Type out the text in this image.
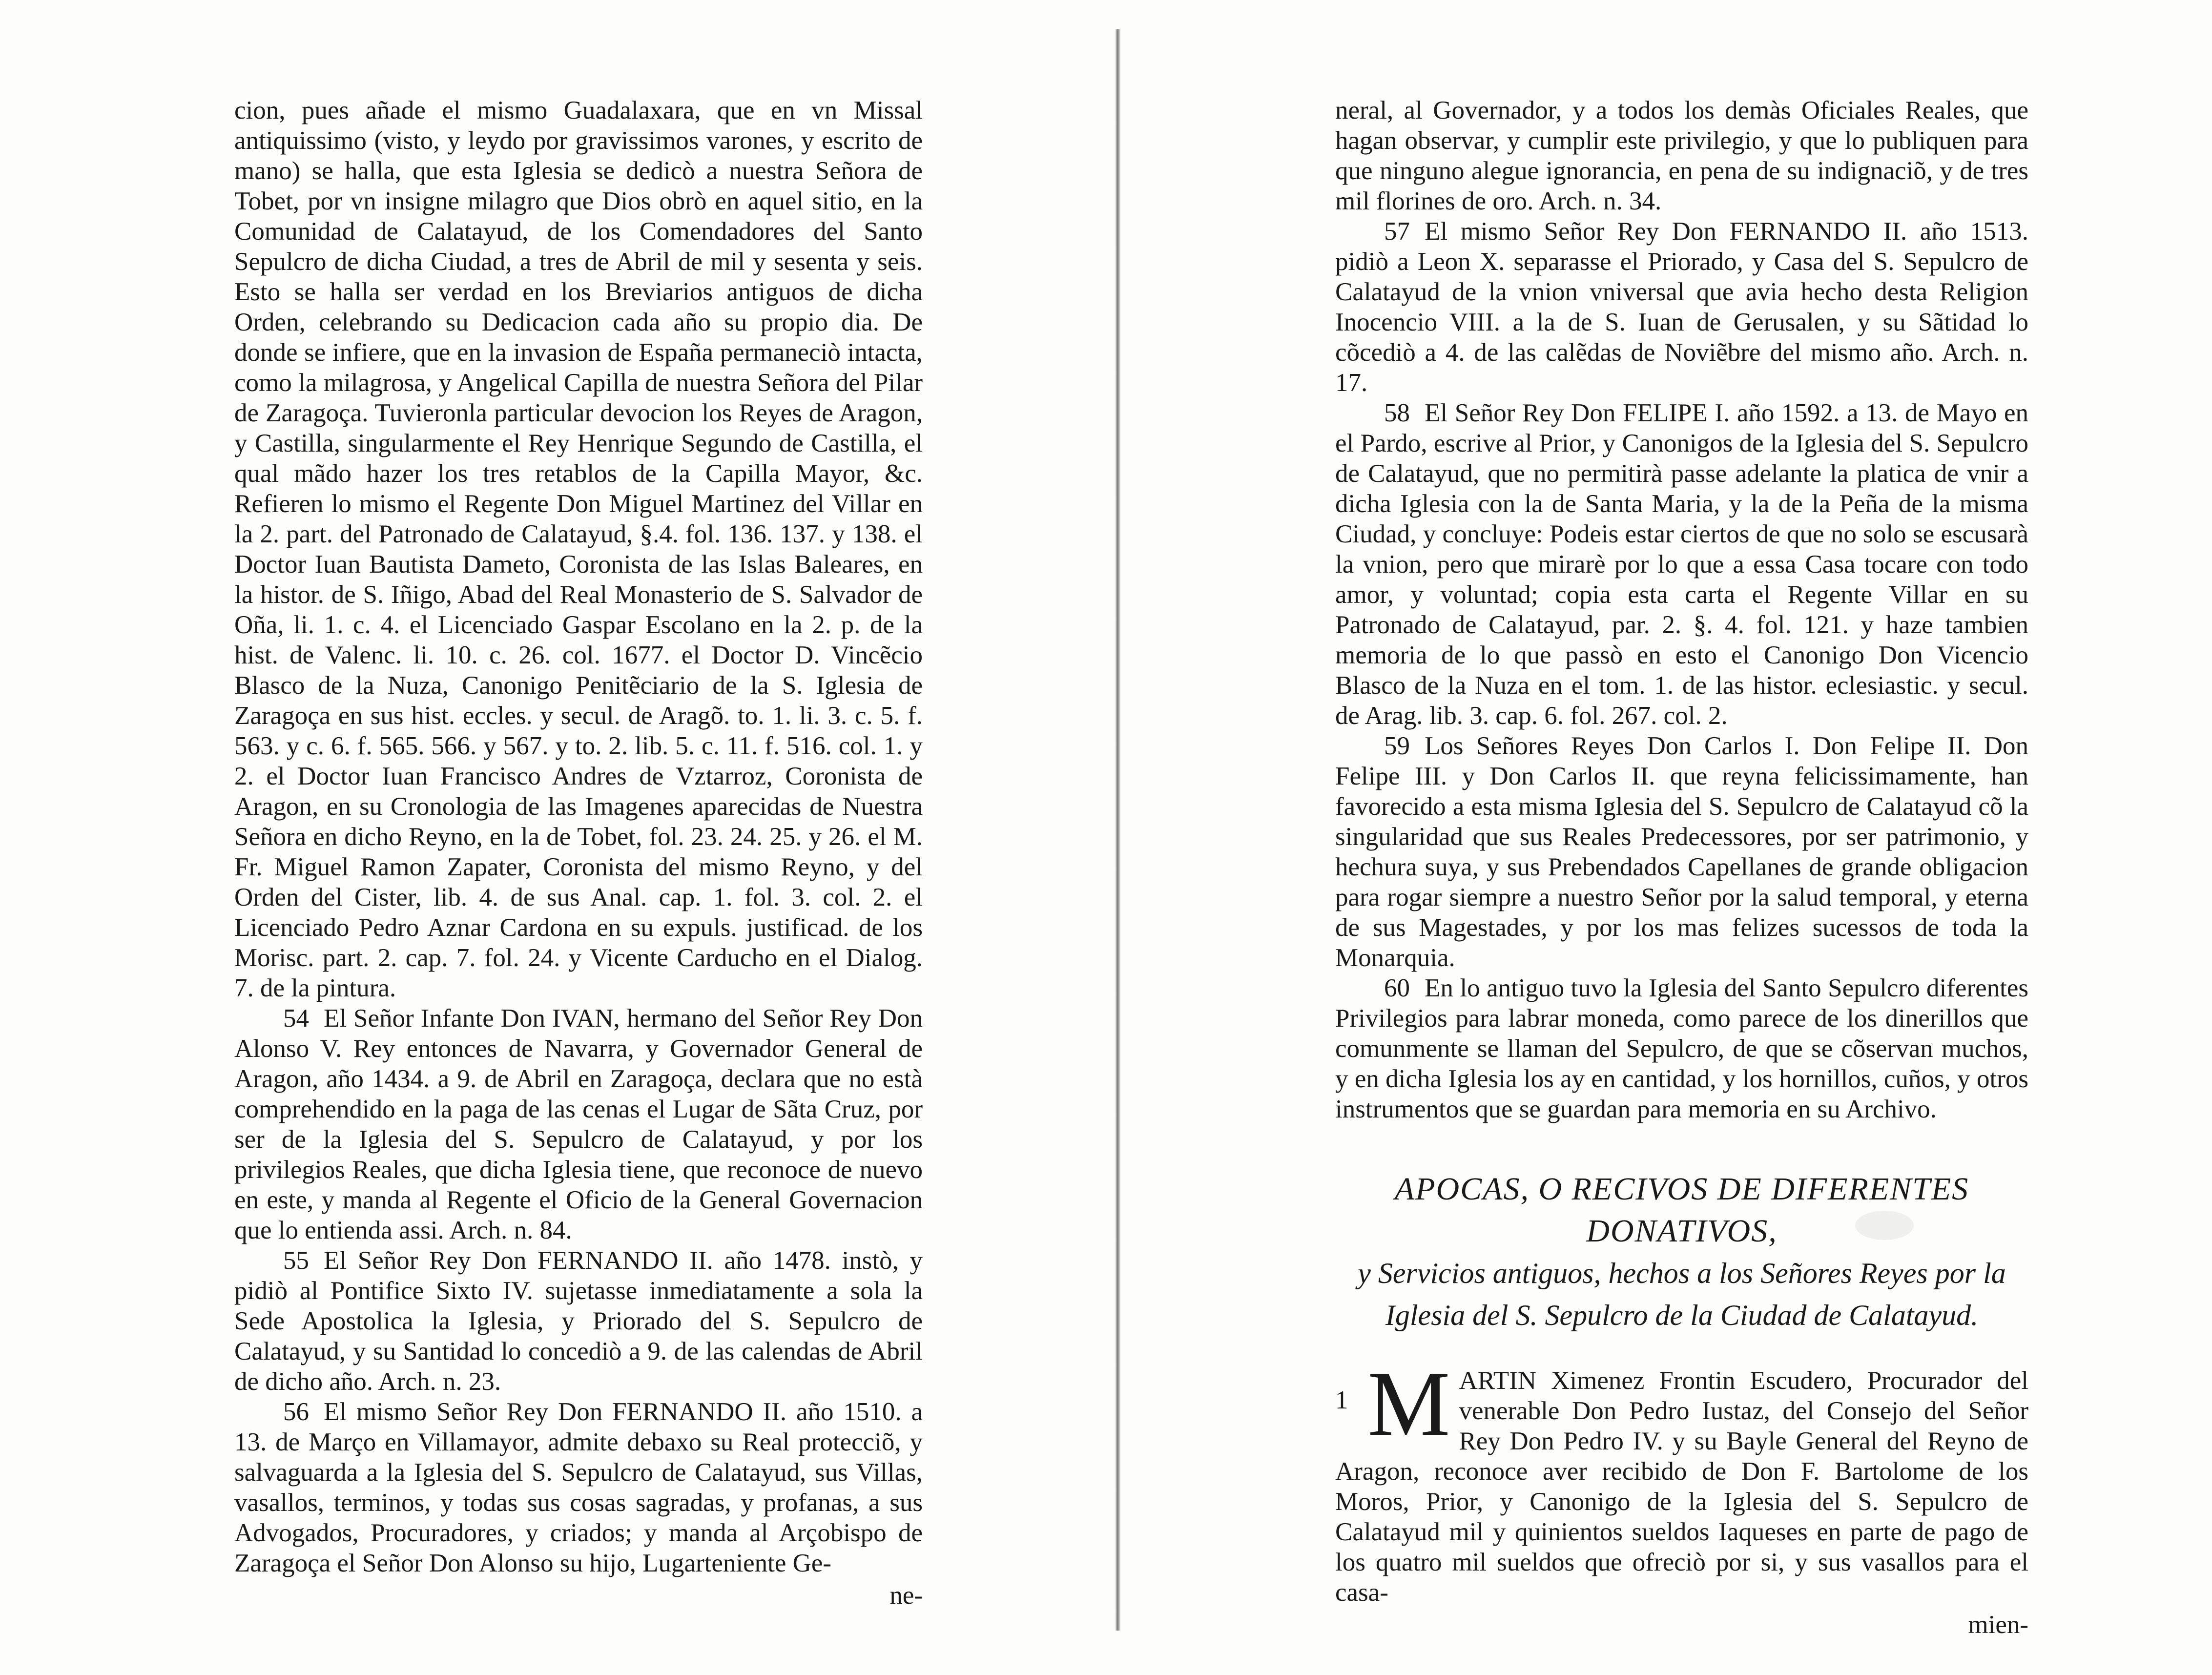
cion, pues añade el mismo Guadalaxara, que en vn Missal antiquissimo (visto, y leydo por gravissimos varones, y escrito de mano) se halla, que esta Iglesia se dedicò a nuestra Señora de Tobet, por vn insigne milagro que Dios obrò en aquel sitio, en la Comunidad de Calatayud, de los Comendadores del Santo Sepulcro de dicha Ciudad, a tres de Abril de mil y sesenta y seis. Esto se halla ser verdad en los Breviarios antiguos de dicha Orden, celebrando su Dedicacion cada año su propio dia. De donde se infiere, que en la invasion de España permaneciò intacta, como la milagrosa, y Angelical Capilla de nuestra Señora del Pilar de Zaragoça. Tuvieronla particular devocion los Reyes de Aragon, y Castilla, singularmente el Rey Henrique Segundo de Castilla, el qual mãdo hazer los tres retablos de la Capilla Mayor, &c. Refieren lo mismo el Regente Don Miguel Martinez del Villar en la 2. part. del Patronado de Calatayud, §.4. fol. 136. 137. y 138. el Doctor Iuan Bautista Dameto, Coronista de las Islas Baleares, en la histor. de S. Iñigo, Abad del Real Monasterio de S. Salvador de Oña, li. 1. c. 4. el Licenciado Gaspar Escolano en la 2. p. de la hist. de Valenc. li. 10. c. 26. col. 1677. el Doctor D. Vincẽcio Blasco de la Nuza, Canonigo Penitẽciario de la S. Iglesia de Zaragoça en sus hist. eccles. y secul. de Aragõ. to. 1. li. 3. c. 5. f. 563. y c. 6. f. 565. 566. y 567. y to. 2. lib. 5. c. 11. f. 516. col. 1. y 2. el Doctor Iuan Francisco Andres de Vztarroz, Coronista de Aragon, en su Cronologia de las Imagenes aparecidas de Nuestra Señora en dicho Reyno, en la de Tobet, fol. 23. 24. 25. y 26. el M. Fr. Miguel Ramon Zapater, Coronista del mismo Reyno, y del Orden del Cister, lib. 4. de sus Anal. cap. 1. fol. 3. col. 2. el Licenciado Pedro Aznar Cardona en su expuls. justificad. de los Morisc. part. 2. cap. 7. fol. 24. y Vicente Carducho en el Dialog. 7. de la pintura.

54 El Señor Infante Don IVAN, hermano del Señor Rey Don Alonso V. Rey entonces de Navarra, y Governador General de Aragon, año 1434. a 9. de Abril en Zaragoça, declara que no està comprehendido en la paga de las cenas el Lugar de Sãta Cruz, por ser de la Iglesia del S. Sepulcro de Calatayud, y por los privilegios Reales, que dicha Iglesia tiene, que reconoce de nuevo en este, y manda al Regente el Oficio de la General Governacion que lo entienda assi. Arch. n. 84.

55 El Señor Rey Don FERNANDO II. año 1478. instò, y pidiò al Pontifice Sixto IV. sujetasse inmediatamente a sola la Sede Apostolica la Iglesia, y Priorado del S. Sepulcro de Calatayud, y su Santidad lo concediò a 9. de las calendas de Abril de dicho año. Arch. n. 23.

56 El mismo Señor Rey Don FERNANDO II. año 1510. a 13. de Março en Villamayor, admite debaxo su Real protecciõ, y salvaguarda a la Iglesia del S. Sepulcro de Calatayud, sus Villas, vasallos, terminos, y todas sus cosas sagradas, y profanas, a sus Advogados, Procuradores, y criados; y manda al Arçobispo de Zaragoça el Señor Don Alonso su hijo, Lugarteniente Ge-

ne-

neral, al Governador, y a todos los demàs Oficiales Reales, que hagan observar, y cumplir este privilegio, y que lo publiquen para que ninguno alegue ignorancia, en pena de su indignaciõ, y de tres mil florines de oro. Arch. n. 34.

57 El mismo Señor Rey Don FERNANDO II. año 1513. pidiò a Leon X. separasse el Priorado, y Casa del S. Sepulcro de Calatayud de la vnion vniversal que avia hecho desta Religion Inocencio VIII. a la de S. Iuan de Gerusalen, y su Sãtidad lo cõcediò a 4. de las calẽdas de Noviẽbre del mismo año. Arch. n. 17.

58 El Señor Rey Don FELIPE I. año 1592. a 13. de Mayo en el Pardo, escrive al Prior, y Canonigos de la Iglesia del S. Sepulcro de Calatayud, que no permitirà passe adelante la platica de vnir a dicha Iglesia con la de Santa Maria, y la de la Peña de la misma Ciudad, y concluye: Podeis estar ciertos de que no solo se escusarà la vnion, pero que mirarè por lo que a essa Casa tocare con todo amor, y voluntad; copia esta carta el Regente Villar en su Patronado de Calatayud, par. 2. §. 4. fol. 121. y haze tambien memoria de lo que passò en esto el Canonigo Don Vicencio Blasco de la Nuza en el tom. 1. de las histor. eclesiastic. y secul. de Arag. lib. 3. cap. 6. fol. 267. col. 2.

59 Los Señores Reyes Don Carlos I. Don Felipe II. Don Felipe III. y Don Carlos II. que reyna felicissimamente, han favorecido a esta misma Iglesia del S. Sepulcro de Calatayud cõ la singularidad que sus Reales Predecessores, por ser patrimonio, y hechura suya, y sus Prebendados Capellanes de grande obligacion para rogar siempre a nuestro Señor por la salud temporal, y eterna de sus Magestades, y por los mas felizes sucessos de toda la Monarquia.

60 En lo antiguo tuvo la Iglesia del Santo Sepulcro diferentes Privilegios para labrar moneda, como parece de los dinerillos que comunmente se llaman del Sepulcro, de que se cõservan muchos, y en dicha Iglesia los ay en cantidad, y los hornillos, cuños, y otros instrumentos que se guardan para memoria en su Archivo.

APOCAS, O RECIVOS DE DIFERENTES DONATIVOS,
y Servicios antiguos, hechos a los Señores Reyes por la Iglesia del S. Sepulcro de la Ciudad de Calatayud.

1 M ARTIN Ximenez Frontin Escudero, Procurador del venerable Don Pedro Iustaz, del Consejo del Señor Rey Don Pedro IV. y su Bayle General del Reyno de Aragon, reconoce aver recibido de Don F. Bartolome de los Moros, Prior, y Canonigo de la Iglesia del S. Sepulcro de Calatayud mil y quinientos sueldos Iaqueses en parte de pago de los quatro mil sueldos que ofreciò por si, y sus vasallos para el casa-

mien-
